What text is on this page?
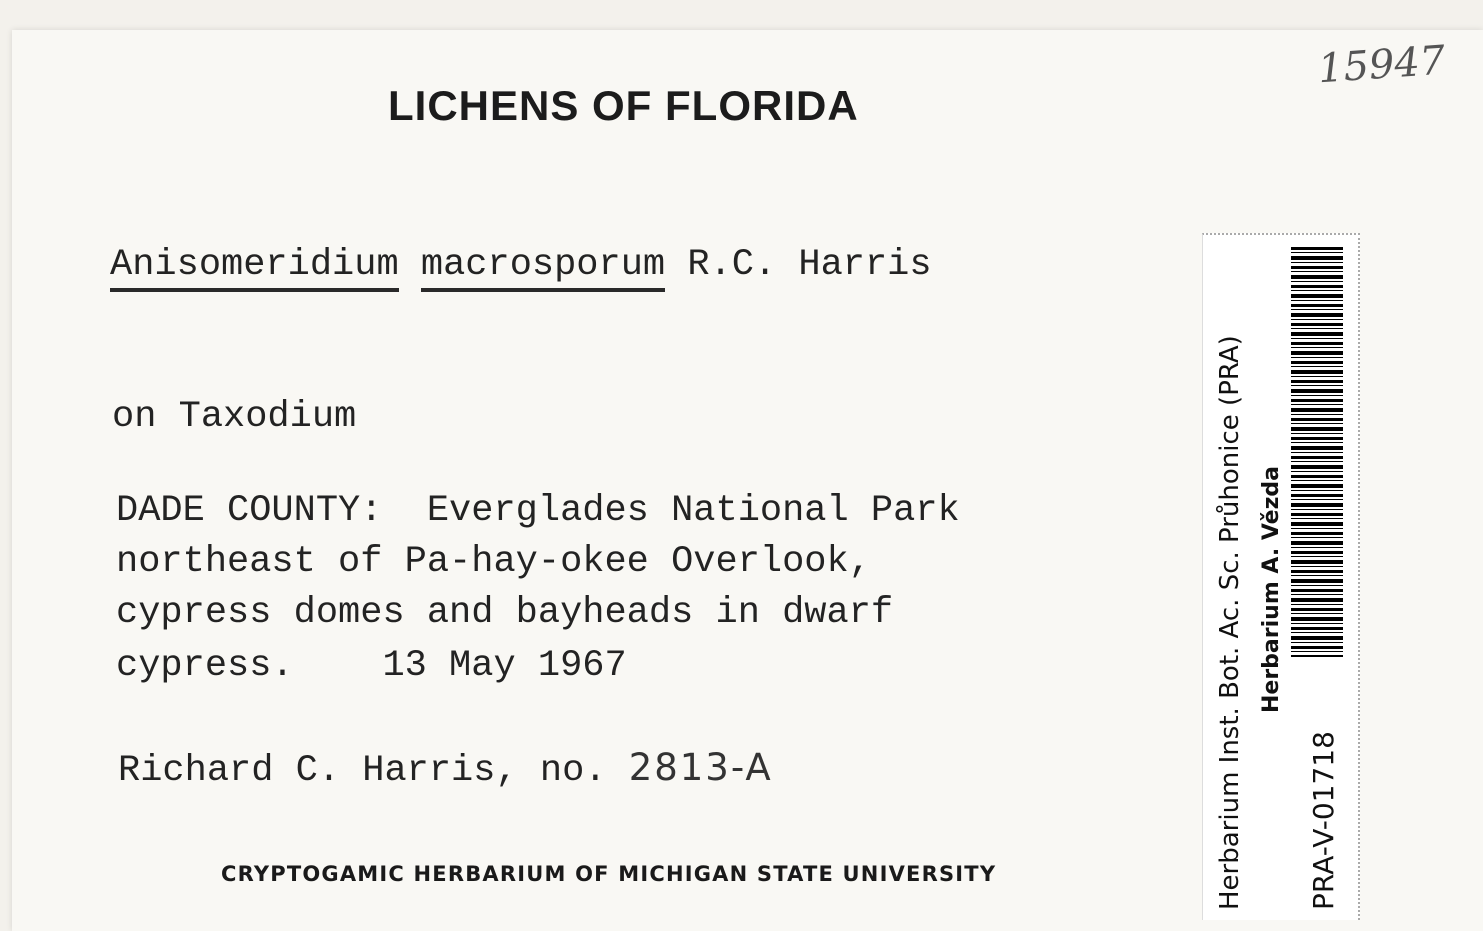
LICHENS OF FLORIDA
15947
Anisomeridium macrosporum R.C. Harris
on Taxodium
DADE COUNTY:  Everglades National Park
northeast of Pa-hay-okee Overlook,
cypress domes and bayheads in dwarf
cypress.    13 May 1967
Richard C. Harris, no. 2813-A
CRYPTOGAMIC HERBARIUM OF MICHIGAN STATE UNIVERSITY	Herbarium Inst. Bot. Ac. Sc. Průhonice (PRA) Herbarium A. Vězda
PRA-V-01718
